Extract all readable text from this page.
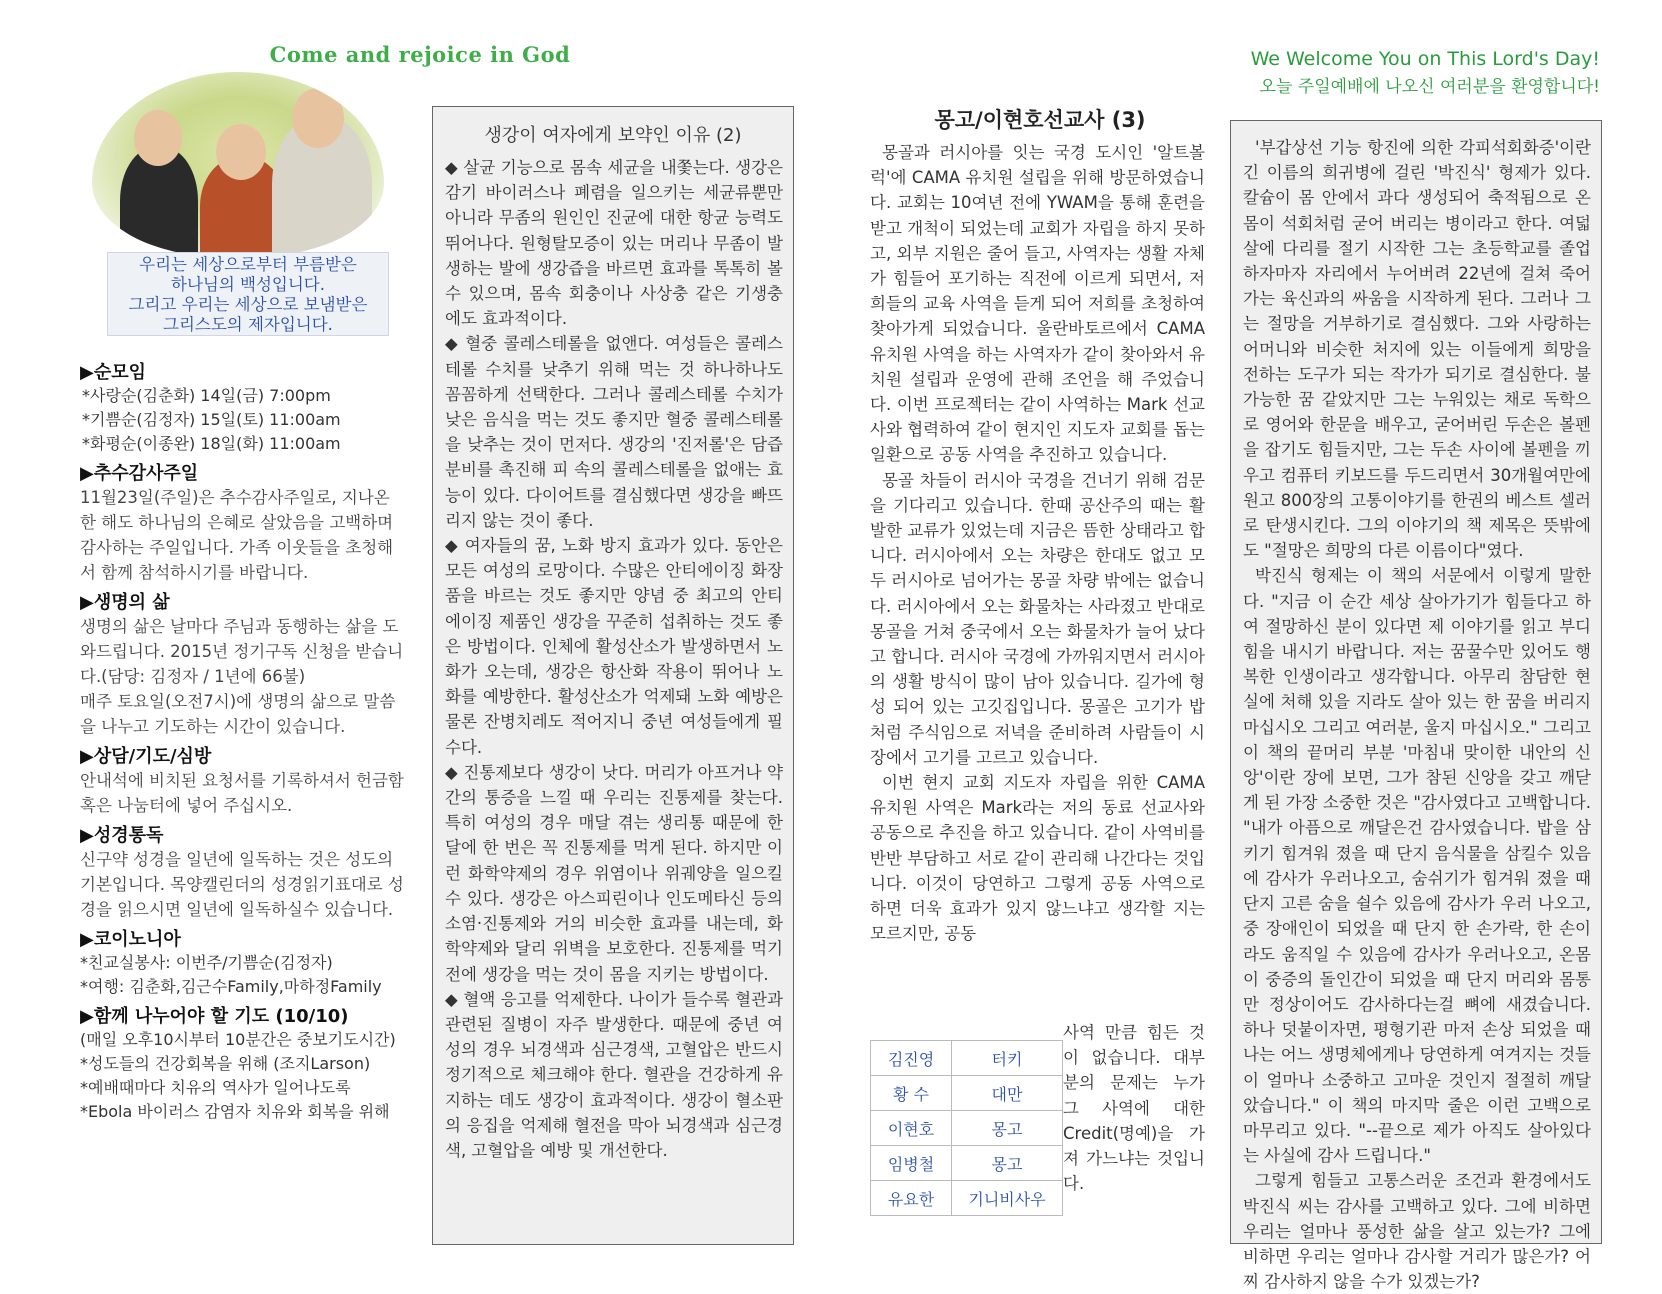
Come and rejoice in God	We Welcome You on This Lord's Day!
오늘 주일예배에 나오신 여러분을 환영합니다!
우리는 세상으로부터 부름받은
하나님의 백성입니다.
그리고 우리는 세상으로 보냄받은
그리스도의 제자입니다.
▶순모임
*사랑순(김춘화) 14일(금) 7:00pm
*기쁨순(김정자) 15일(토) 11:00am
*화평순(이종완) 18일(화) 11:00am
▶추수감사주일
11월23일(주일)은 추수감사주일로, 지나온 한 해도 하나님의 은혜로 살았음을 고백하며 감사하는 주일입니다. 가족 이웃들을 초청해서 함께 참석하시기를 바랍니다.
▶생명의 삶
생명의 삶은 날마다 주님과 동행하는 삶을 도와드립니다. 2015년 정기구독 신청을 받습니다.(담당: 김정자 / 1년에 66불)
매주 토요일(오전7시)에 생명의 삶으로 말씀을 나누고 기도하는 시간이 있습니다.
▶상담/기도/심방
안내석에 비치된 요청서를 기록하셔서 헌금함 혹은 나눔터에 넣어 주십시오.
▶성경통독
신구약 성경을 일년에 일독하는 것은 성도의 기본입니다. 목양캘린더의 성경읽기표대로 성경을 읽으시면 일년에 일독하실수 있습니다.
▶코이노니아
*친교실봉사: 이번주/기쁨순(김정자)
*여행: 김춘화,김근수Family,마하정Family
▶함께 나누어야 할 기도 (10/10)
(매일 오후10시부터 10분간은 중보기도시간)
*성도들의 건강회복을 위해 (조지Larson)
*예배때마다 치유의 역사가 일어나도록
*Ebola 바이러스 감염자 치유와 회복을 위해
생강이 여자에게 보약인 이유 (2)

◆ 살균 기능으로 몸속 세균을 내쫓는다. 생강은 감기 바이러스나 폐렴을 일으키는 세균류뿐만 아니라 무좀의 원인인 진균에 대한 항균 능력도 뛰어나다. 원형탈모증이 있는 머리나 무좀이 발생하는 발에 생강즙을 바르면 효과를 톡톡히 볼 수 있으며, 몸속 회충이나 사상충 같은 기생충에도 효과적이다.

◆ 혈중 콜레스테롤을 없앤다. 여성들은 콜레스테롤 수치를 낮추기 위해 먹는 것 하나하나도 꼼꼼하게 선택한다. 그러나 콜레스테롤 수치가 낮은 음식을 먹는 것도 좋지만 혈중 콜레스테롤을 낮추는 것이 먼저다. 생강의 '진저롤'은 담즙 분비를 촉진해 피 속의 콜레스테롤을 없애는 효능이 있다. 다이어트를 결심했다면 생강을 빠뜨리지 않는 것이 좋다.

◆ 여자들의 꿈, 노화 방지 효과가 있다. 동안은 모든 여성의 로망이다. 수많은 안티에이징 화장품을 바르는 것도 좋지만 양념 중 최고의 안티에이징 제품인 생강을 꾸준히 섭취하는 것도 좋은 방법이다. 인체에 활성산소가 발생하면서 노화가 오는데, 생강은 항산화 작용이 뛰어나 노화를 예방한다. 활성산소가 억제돼 노화 예방은 물론 잔병치레도 적어지니 중년 여성들에게 필수다.

◆ 진통제보다 생강이 낫다. 머리가 아프거나 약간의 통증을 느낄 때 우리는 진통제를 찾는다. 특히 여성의 경우 매달 겪는 생리통 때문에 한 달에 한 번은 꼭 진통제를 먹게 된다. 하지만 이런 화학약제의 경우 위염이나 위궤양을 일으킬 수 있다. 생강은 아스피린이나 인도메타신 등의 소염·진통제와 거의 비슷한 효과를 내는데, 화학약제와 달리 위벽을 보호한다. 진통제를 먹기 전에 생강을 먹는 것이 몸을 지키는 방법이다.

◆ 혈액 응고를 억제한다. 나이가 들수록 혈관과 관련된 질병이 자주 발생한다. 때문에 중년 여성의 경우 뇌경색과 심근경색, 고혈압은 반드시 정기적으로 체크해야 한다. 혈관을 건강하게 유지하는 데도 생강이 효과적이다. 생강이 혈소판의 응집을 억제해 혈전을 막아 뇌경색과 심근경색, 고혈압을 예방 및 개선한다.

몽고/이현호선교사 (3)

몽골과 러시아를 잇는 국경 도시인 '알트볼럭'에 CAMA 유치원 설립을 위해 방문하였습니다. 교회는 10여년 전에 YWAM을 통해 훈련을 받고 개척이 되었는데 교회가 자립을 하지 못하고, 외부 지원은 줄어 들고, 사역자는 생활 자체가 힘들어 포기하는 직전에 이르게 되면서, 저희들의 교육 사역을 듣게 되어 저희를 초청하여 찾아가게 되었습니다. 울란바토르에서 CAMA 유치원 사역을 하는 사역자가 같이 찾아와서 유치원 설립과 운영에 관해 조언을 해 주었습니다. 이번 프로젝터는 같이 사역하는 Mark 선교사와 협력하여 같이 현지인 지도자 교회를 돕는 일환으로 공동 사역을 추진하고 있습니다.

몽골 차들이 러시아 국경을 건너기 위해 검문을 기다리고 있습니다. 한때 공산주의 때는 활발한 교류가 있었는데 지금은 뜸한 상태라고 합니다. 러시아에서 오는 차량은 한대도 없고 모두 러시아로 넘어가는 몽골 차량 밖에는 없습니다. 러시아에서 오는 화물차는 사라졌고 반대로 몽골을 거쳐 중국에서 오는 화물차가 늘어 났다고 합니다. 러시아 국경에 가까워지면서 러시아의 생활 방식이 많이 남아 있습니다. 길가에 형성 되어 있는 고깃집입니다. 몽골은 고기가 밥처럼 주식임으로 저녁을 준비하려 사람들이 시장에서 고기를 고르고 있습니다.

이번 현지 교회 지도자 자립을 위한 CAMA 유치원 사역은 Mark라는 저의 동료 선교사와 공동으로 추진을 하고 있습니다. 같이 사역비를 반반 부담하고 서로 같이 관리해 나간다는 것입니다. 이것이 당연하고 그렇게 공동 사역으로 하면 더욱 효과가 있지 않느냐고 생각할 지는 모르지만, 공동

김진영	터키
황 수	대만
이현호	몽고
임병철	몽고
유요한	기니비사우
사역 만큼 힘든 것이 없습니다. 대부분의 문제는 누가 그 사역에 대한 Credit(명예)을 가져 가느냐는 것입니다.

'부갑상선 기능 항진에 의한 각피석회화증'이란 긴 이름의 희귀병에 걸린 '박진식' 형제가 있다. 칼슘이 몸 안에서 과다 생성되어 축적됨으로 온몸이 석회처럼 굳어 버리는 병이라고 한다. 여덟살에 다리를 절기 시작한 그는 초등학교를 졸업하자마자 자리에서 누어버려 22년에 걸쳐 죽어가는 육신과의 싸움을 시작하게 된다. 그러나 그는 절망을 거부하기로 결심했다. 그와 사랑하는 어머니와 비슷한 처지에 있는 이들에게 희망을 전하는 도구가 되는 작가가 되기로 결심한다. 불가능한 꿈 같았지만 그는 누워있는 채로 독학으로 영어와 한문을 배우고, 굳어버린 두손은 볼펜을 잡기도 힘들지만, 그는 두손 사이에 볼펜을 끼우고 컴퓨터 키보드를 두드리면서 30개월여만에 원고 800장의 고통이야기를 한권의 베스트 셀러로 탄생시킨다. 그의 이야기의 책 제목은 뜻밖에도 "절망은 희망의 다른 이름이다"였다.

박진식 형제는 이 책의 서문에서 이렇게 말한다. "지금 이 순간 세상 살아가기가 힘들다고 하여 절망하신 분이 있다면 제 이야기를 읽고 부디 힘을 내시기 바랍니다. 저는 꿈꿀수만 있어도 행복한 인생이라고 생각합니다. 아무리 참담한 현실에 처해 있을 지라도 살아 있는 한 꿈을 버리지 마십시오 그리고 여러분, 울지 마십시오." 그리고 이 책의 끝머리 부분 '마침내 맞이한 내안의 신앙'이란 장에 보면, 그가 참된 신앙을 갖고 깨닫게 된 가장 소중한 것은 "감사였다고 고백합니다. "내가 아픔으로 깨달은건 감사였습니다. 밥을 삼키기 힘겨워 졌을 때 단지 음식물을 삼킬수 있음에 감사가 우러나오고, 숨쉬기가 힘겨워 졌을 때 단지 고른 숨을 쉴수 있음에 감사가 우러 나오고, 중 장애인이 되었을 때 단지 한 손가락, 한 손이라도 움직일 수 있음에 감사가 우러나오고, 온몸이 중증의 돌인간이 되었을 때 단지 머리와 몸통만 정상이어도 감사하다는걸 뼈에 새겼습니다. 하나 덧붙이자면, 평형기관 마저 손상 되었을 때 나는 어느 생명체에게나 당연하게 여겨지는 것들이 얼마나 소중하고 고마운 것인지 절절히 깨달았습니다." 이 책의 마지막 줄은 이런 고백으로 마무리고 있다. "--끝으로 제가 아직도 살아있다는 사실에 감사 드립니다."

그렇게 힘들고 고통스러운 조건과 환경에서도 박진식 씨는 감사를 고백하고 있다. 그에 비하면 우리는 얼마나 풍성한 삶을 살고 있는가? 그에 비하면 우리는 얼마나 감사할 거리가 많은가? 어찌 감사하지 않을 수가 있겠는가?
